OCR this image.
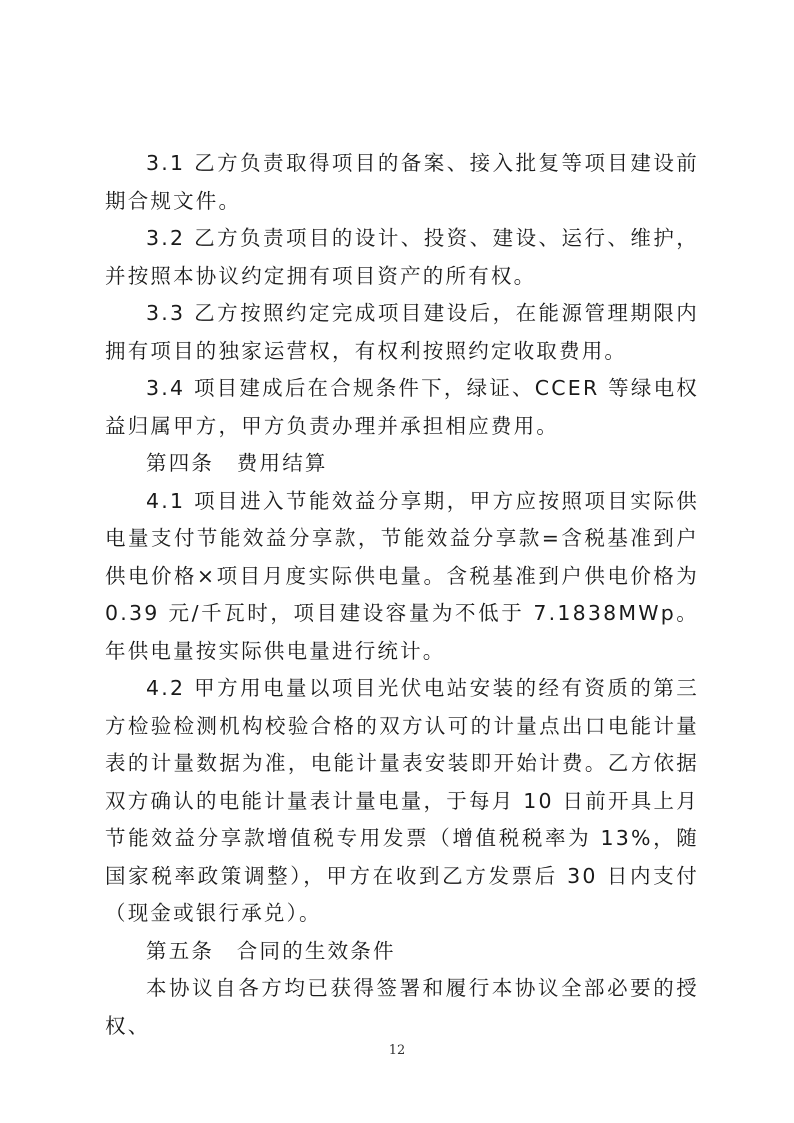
3.1 乙方负责取得项目的备案、接入批复等项目建设前期合规文件。

3.2 乙方负责项目的设计、投资、建设、运行、维护，并按照本协议约定拥有项目资产的所有权。

3.3 乙方按照约定完成项目建设后，在能源管理期限内拥有项目的独家运营权，有权利按照约定收取费用。

3.4 项目建成后在合规条件下，绿证、CCER 等绿电权益归属甲方，甲方负责办理并承担相应费用。

第四条　费用结算

4.1 项目进入节能效益分享期，甲方应按照项目实际供电量支付节能效益分享款，节能效益分享款=含税基准到户供电价格×项目月度实际供电量。含税基准到户供电价格为 0.39 元/千瓦时，项目建设容量为不低于 7.1838MWp。年供电量按实际供电量进行统计。

4.2 甲方用电量以项目光伏电站安装的经有资质的第三方检验检测机构校验合格的双方认可的计量点出口电能计量表的计量数据为准，电能计量表安装即开始计费。乙方依据双方确认的电能计量表计量电量，于每月 10 日前开具上月节能效益分享款增值税专用发票（增值税税率为 13%，随国家税率政策调整），甲方在收到乙方发票后 30 日内支付（现金或银行承兑）。

第五条　合同的生效条件

本协议自各方均已获得签署和履行本协议全部必要的授权、

12
